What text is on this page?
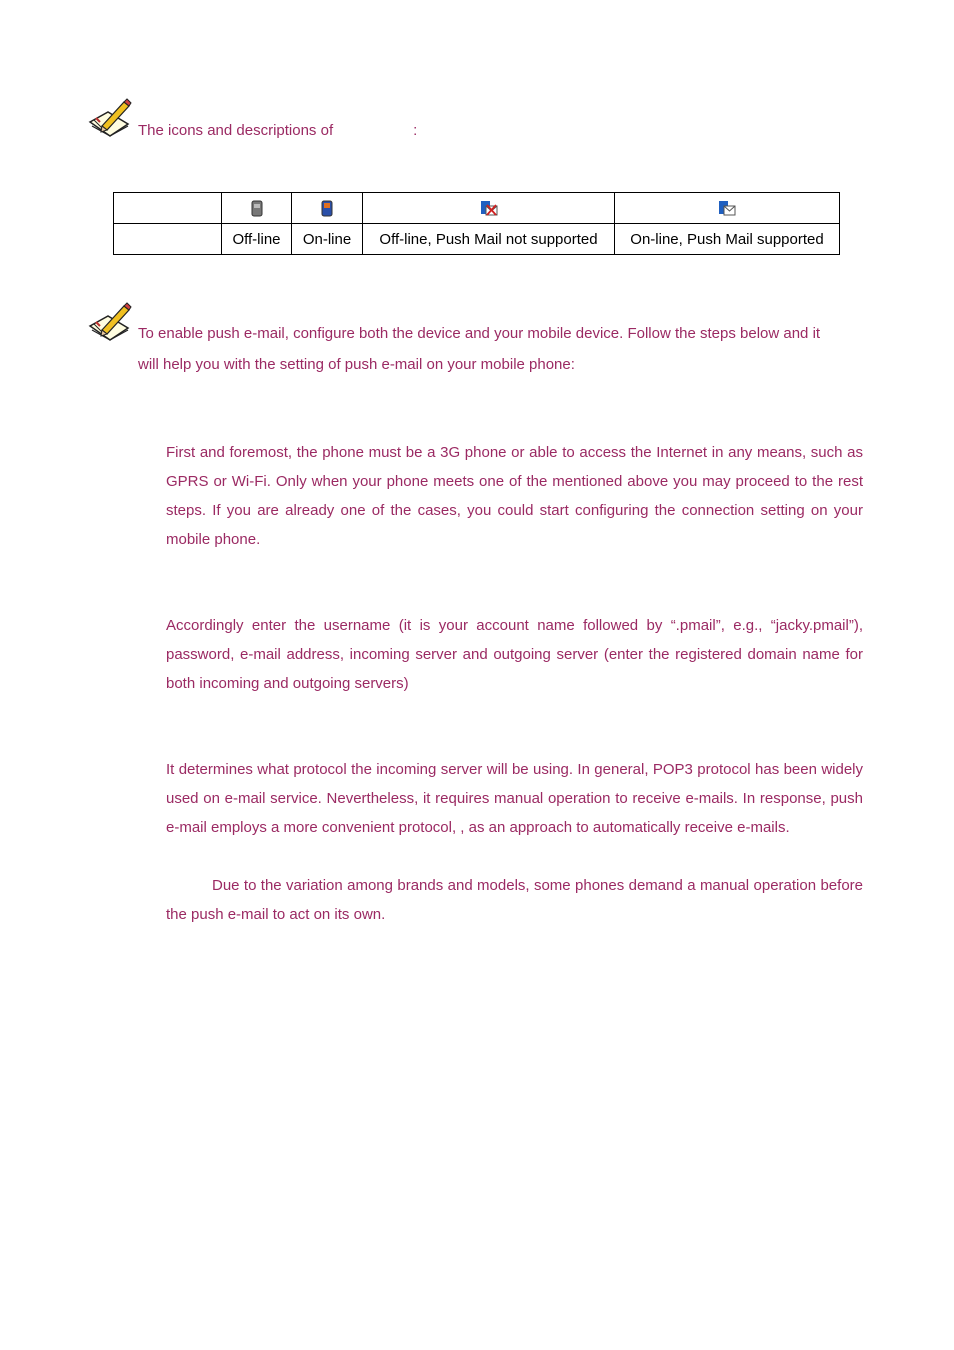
The icons and descriptions of	:

	Off-line	On-line	Off-line, Push Mail not supported	On-line, Push Mail supported
To enable push e-mail, configure both the device and your mobile device. Follow the steps below and it
will help you with the setting of push e-mail on your mobile phone:

First and foremost, the phone must be a 3G phone or able to access the Internet in any means, such as GPRS or Wi-Fi. Only when your phone meets one of the mentioned above you may proceed to the rest steps. If you are already one of the cases, you could start configuring the connection setting on your mobile phone.

Accordingly enter the username (it is your account name followed by “.pmail”, e.g., “jacky.pmail”), password, e-mail address, incoming server and outgoing server (enter the registered domain name for both incoming and outgoing servers)

It determines what protocol the incoming server will be using. In general, POP3 protocol has been widely used on e-mail service. Nevertheless, it requires manual operation to receive e-mails. In response, push e-mail employs a more convenient protocol, , as an approach to automatically receive e-mails.

Due to the variation among brands and models, some phones demand a manual operation before the push e-mail to act on its own.
